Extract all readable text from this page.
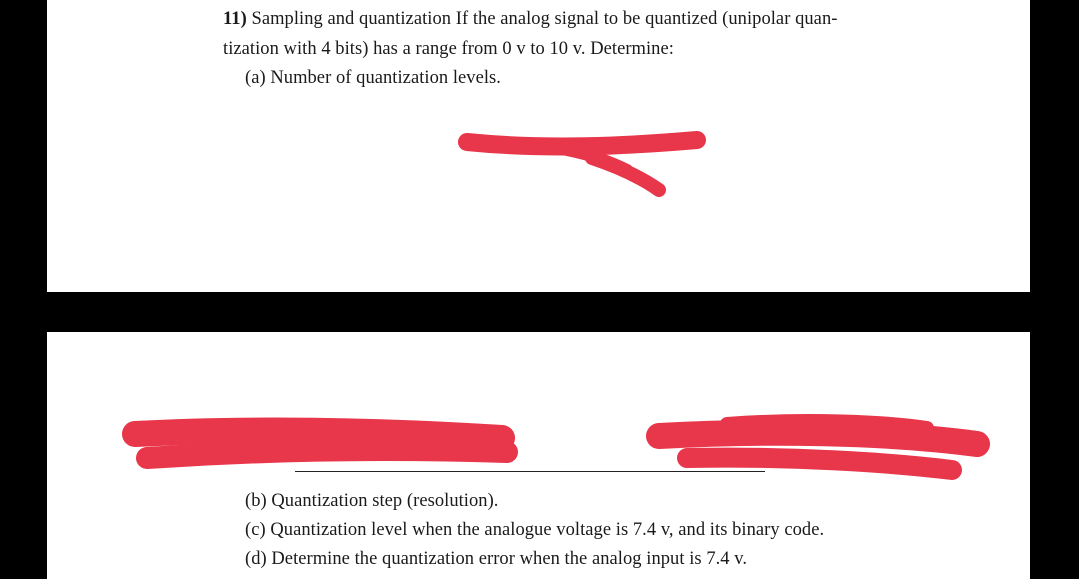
11) Sampling and quantization If the analog signal to be quantized (unipolar quan-
tization with 4 bits) has a range from 0 v to 10 v. Determine:
(a) Number of quantization levels.
(b) Quantization step (resolution).
(c) Quantization level when the analogue voltage is 7.4 v, and its binary code.
(d) Determine the quantization error when the analog input is 7.4 v.
